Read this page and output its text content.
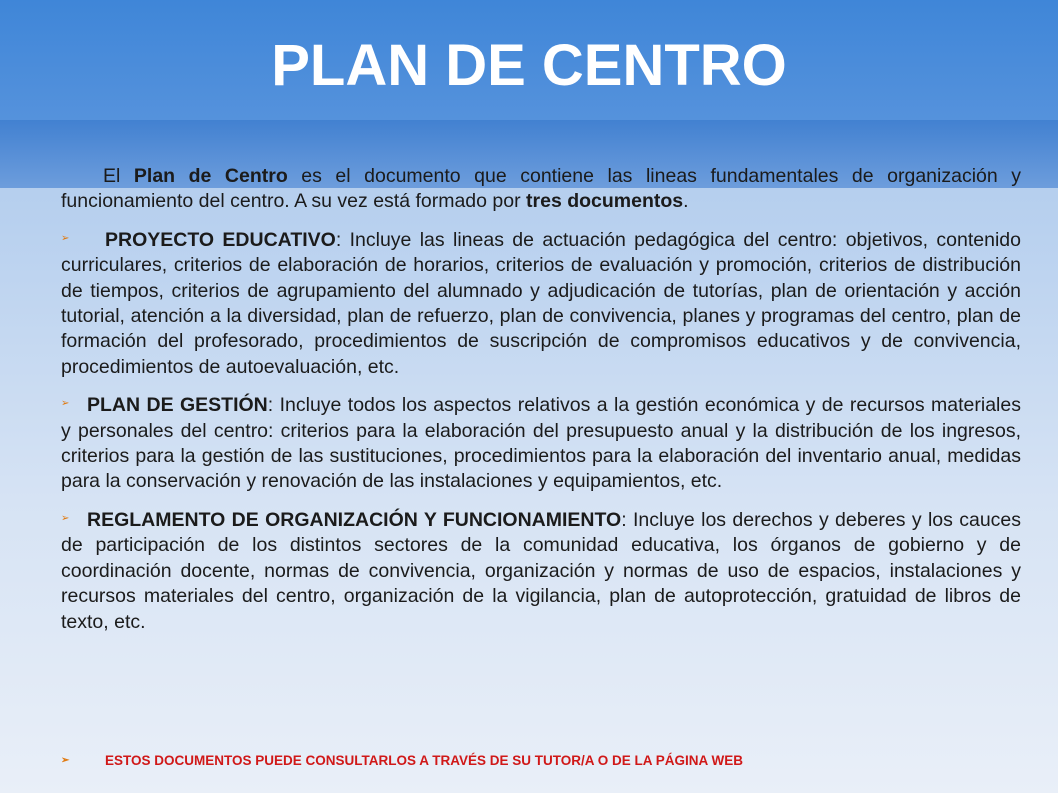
PLAN DE CENTRO

El Plan de Centro es el documento que contiene las lineas fundamentales de organización y funcionamiento del centro. A su vez está formado por tres documentos.

➢ PROYECTO EDUCATIVO: Incluye las lineas de actuación pedagógica del centro: objetivos, contenido curriculares, criterios de elaboración de horarios, criterios de evaluación y promoción, criterios de distribución de tiempos, criterios de agrupamiento del alumnado y adjudicación de tutorías, plan de orientación y acción tutorial, atención a la diversidad, plan de refuerzo, plan de convivencia, planes y programas del centro, plan de formación del profesorado, procedimientos de suscripción de compromisos educativos y de convivencia, procedimientos de autoevaluación, etc.

➢ PLAN DE GESTIÓN: Incluye todos los aspectos relativos a la gestión económica y de recursos materiales y personales del centro: criterios para la elaboración del presupuesto anual y la distribución de los ingresos, criterios para la gestión de las sustituciones, procedimientos para la elaboración del inventario anual, medidas para la conservación y renovación de las instalaciones y equipamientos, etc.

➢ REGLAMENTO DE ORGANIZACIÓN Y FUNCIONAMIENTO: Incluye los derechos y deberes y los cauces de participación de los distintos sectores de la comunidad educativa, los órganos de gobierno y de coordinación docente, normas de convivencia, organización y normas de uso de espacios, instalaciones y recursos materiales del centro, organización de la vigilancia, plan de autoprotección, gratuidad de libros de texto, etc.

➢	ESTOS DOCUMENTOS PUEDE CONSULTARLOS A TRAVÉS DE SU TUTOR/A O DE LA PÁGINA WEB
